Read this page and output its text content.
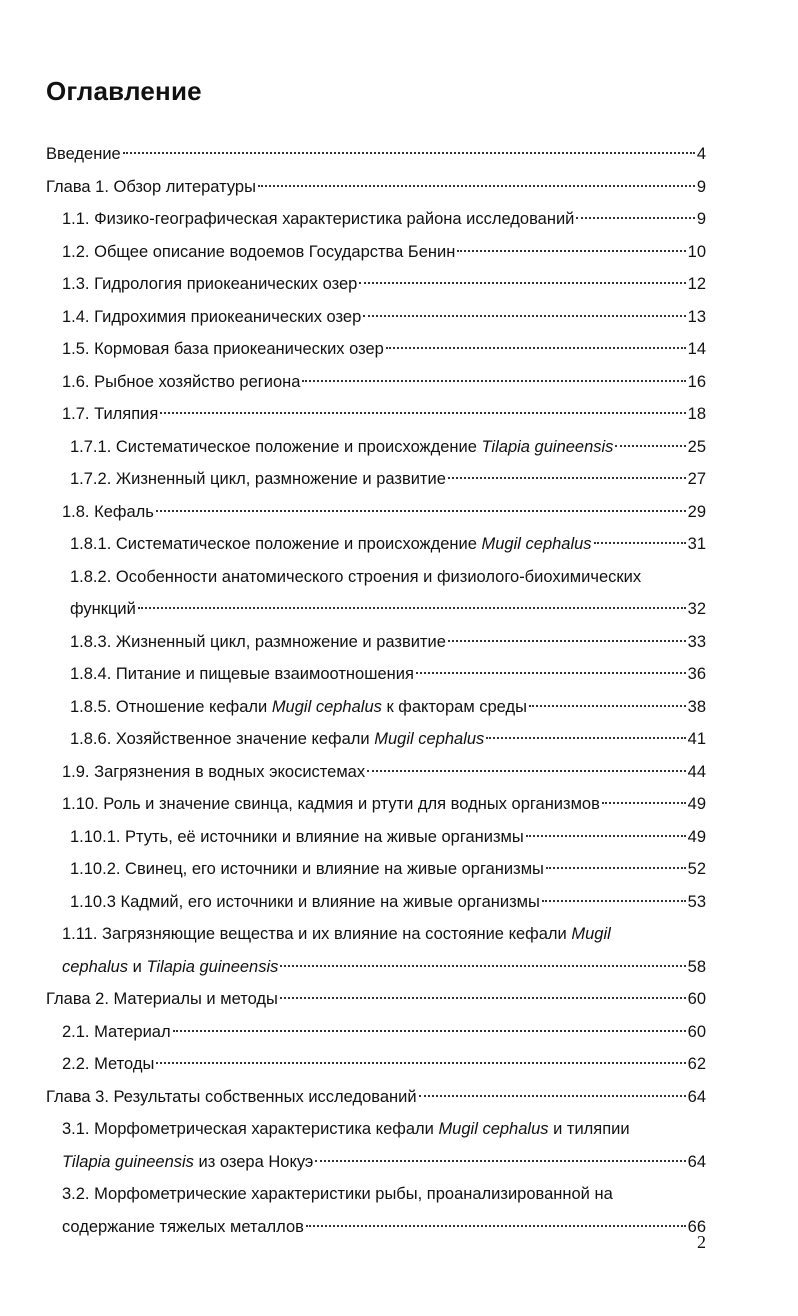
Оглавление
Введение	4
Глава 1. Обзор литературы	9
1.1. Физико-географическая характеристика района исследований	9
1.2. Общее описание водоемов Государства Бенин	10
1.3. Гидрология приокеанических озер	12
1.4. Гидрохимия приокеанических озер	13
1.5. Кормовая база приокеанических озер	14
1.6. Рыбное хозяйство региона	16
1.7. Тиляпия	18
1.7.1. Систематическое положение и происхождение Tilapia guineensis	25
1.7.2. Жизненный цикл, размножение и развитие	27
1.8. Кефаль	29
1.8.1. Систематическое положение и происхождение Mugil cephalus	31
1.8.2. Особенности анатомического строения и физиолого-биохимических
функций	32
1.8.3. Жизненный цикл, размножение и развитие	33
1.8.4. Питание и пищевые взаимоотношения	36
1.8.5. Отношение кефали Mugil cephalus к факторам среды	38
1.8.6. Хозяйственное значение кефали Mugil cephalus	41
1.9. Загрязнения в водных экосистемах	44
1.10. Роль и значение свинца, кадмия и ртути для водных организмов	49
1.10.1. Ртуть, её источники и влияние на живые организмы	49
1.10.2. Свинец, его источники и влияние на живые организмы	52
1.10.3 Кадмий, его источники и влияние на живые организмы	53
1.11. Загрязняющие вещества и их влияние на состояние кефали Mugil
cephalus и Tilapia guineensis	58
Глава 2. Материалы и методы	60
2.1. Материал	60
2.2. Методы	62
Глава 3. Результаты собственных исследований	64
3.1. Морфометрическая характеристика кефали Mugil cephalus и тиляпии
Tilapia guineensis из озера Нокуэ	64
3.2. Морфометрические характеристики рыбы, проанализированной на
содержание тяжелых металлов	66
2
